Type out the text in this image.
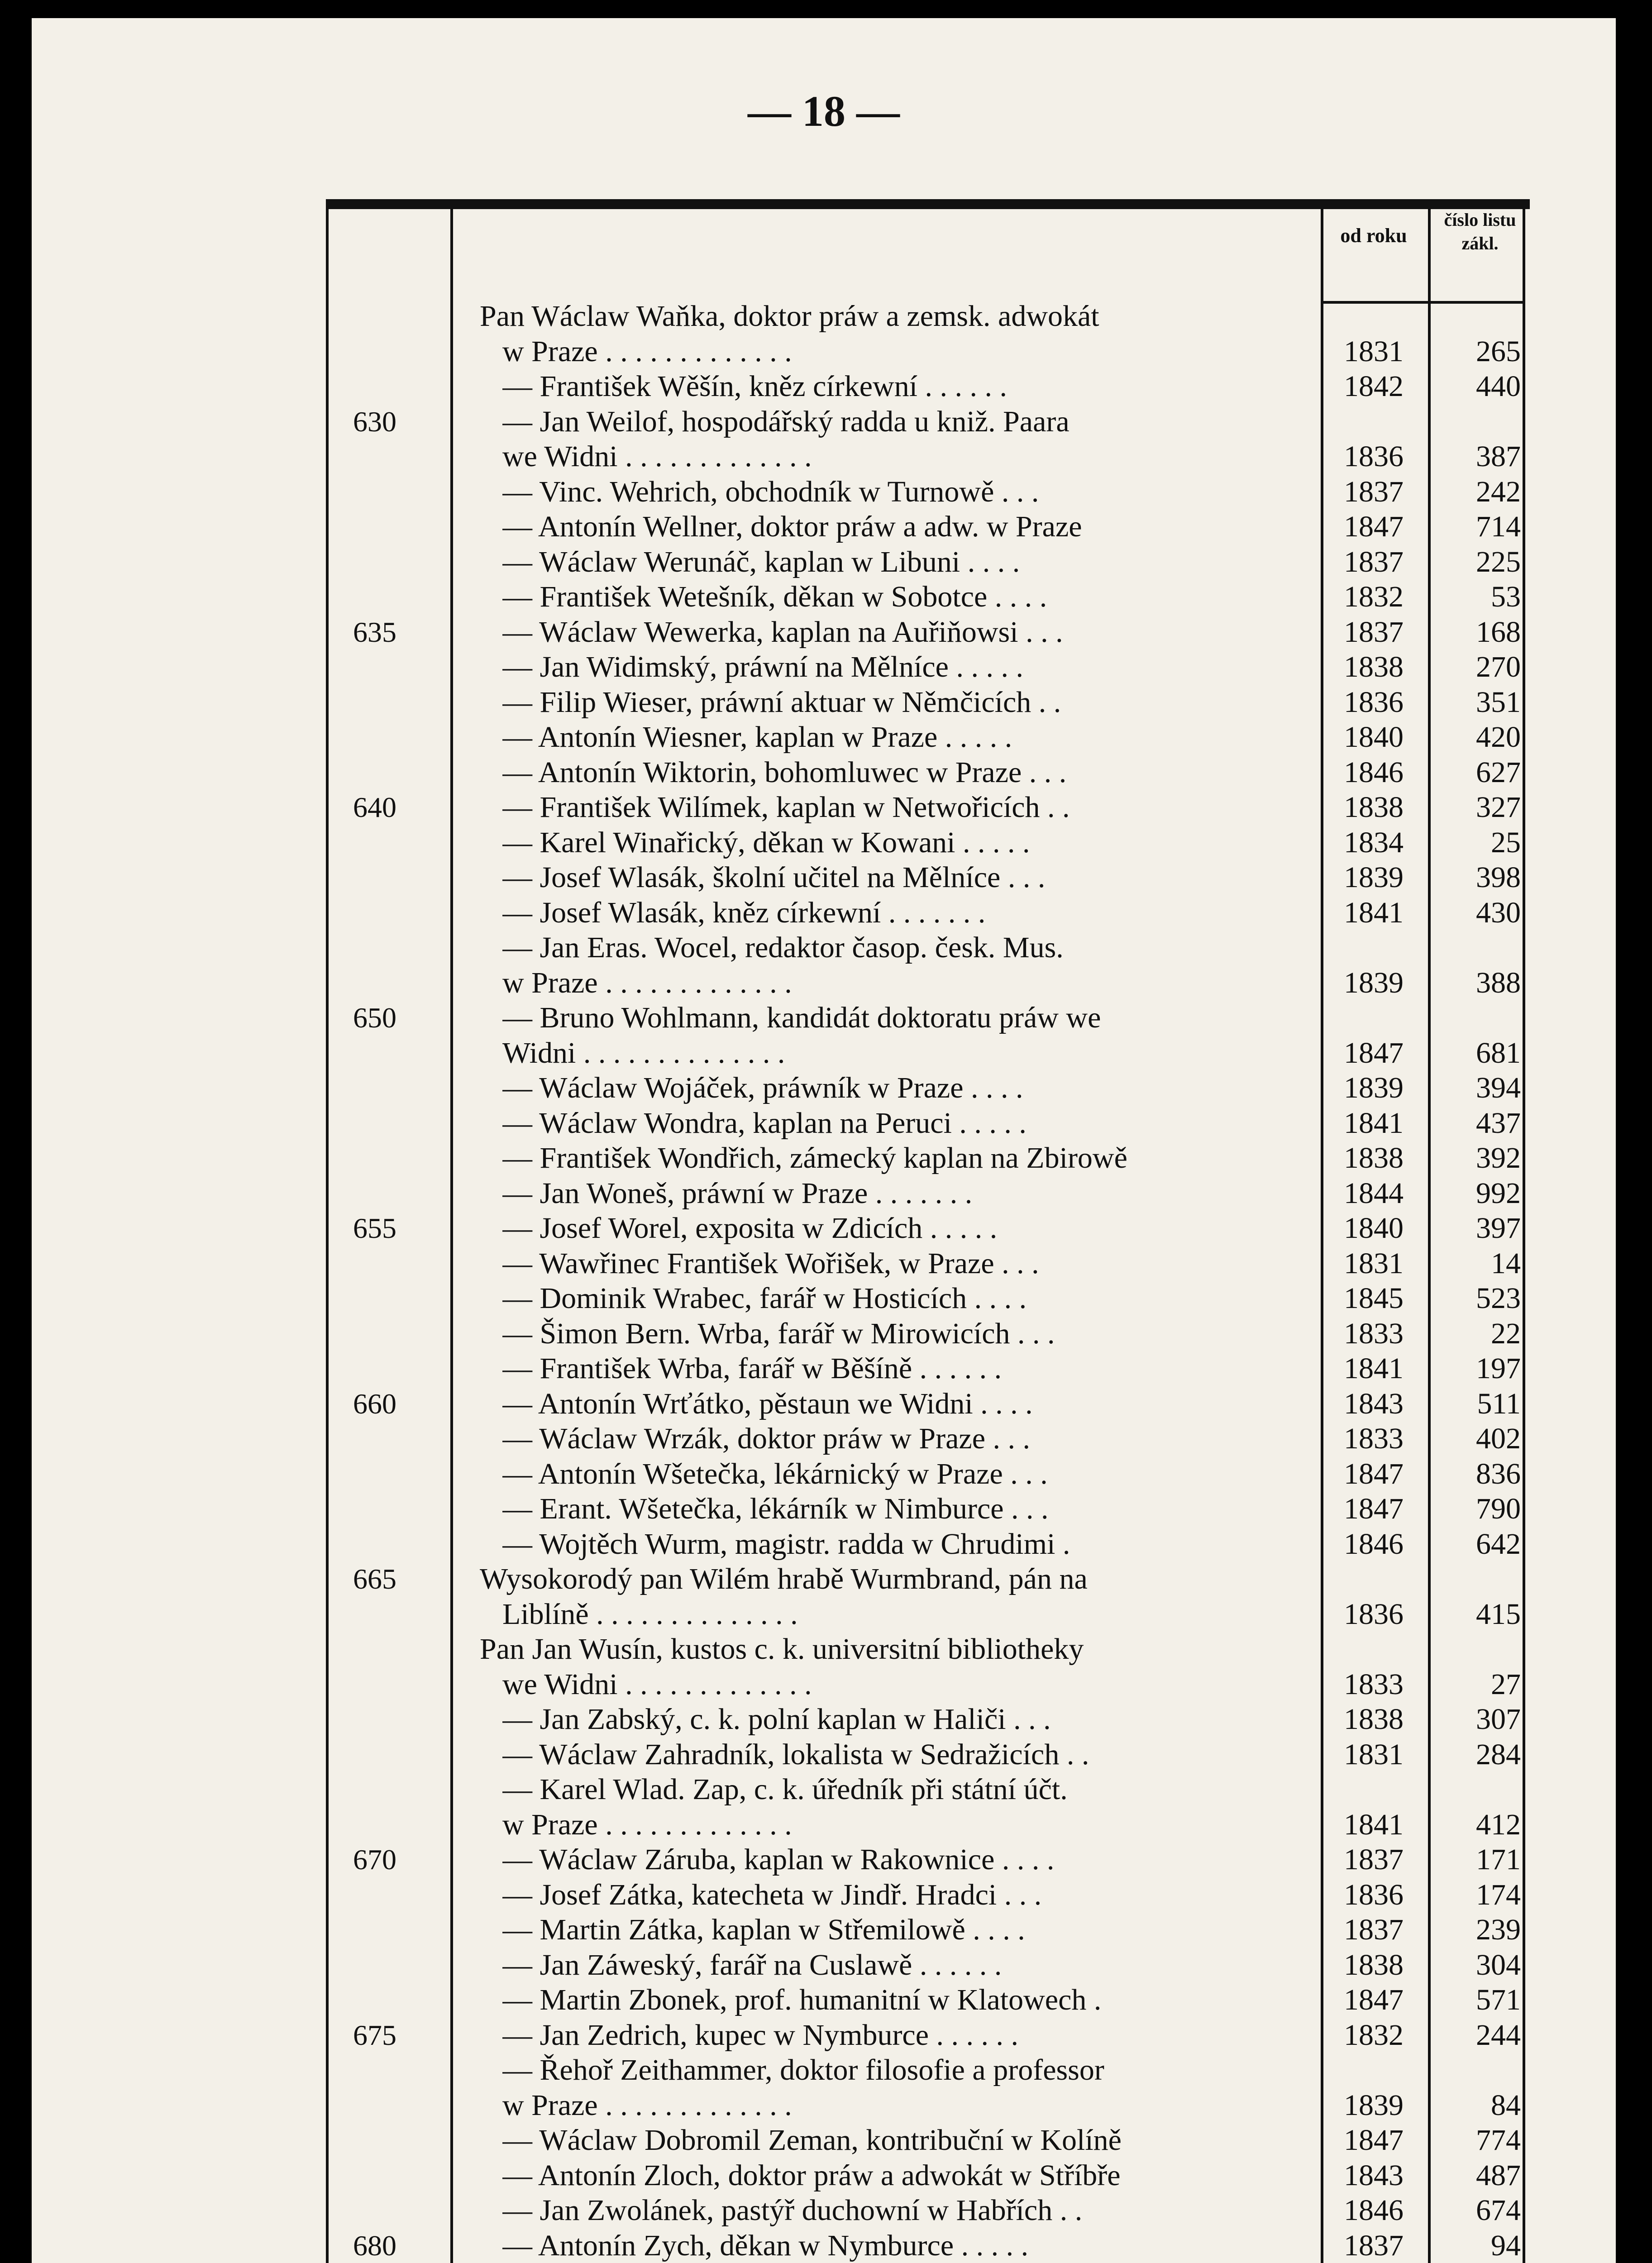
— 18 —
od roku
číslo listu zákl.
Pan Wáclaw Waňka, doktor práw a zemsk. adwokát
w Praze . . . . . . . . . . . . .	1831	265
— František Wěšín, kněz církewní . . . . . .	1842	440
630	— Jan Weilof, hospodářský radda u kniž. Paara
we Widni . . . . . . . . . . . . .	1836	387
— Vinc. Wehrich, obchodník w Turnowě . . .	1837	242
— Antonín Wellner, doktor práw a adw. w Praze	1847	714
— Wáclaw Werunáč, kaplan w Libuni . . . .	1837	225
— František Wetešník, děkan w Sobotce . . . .	1832	53
635	— Wáclaw Wewerka, kaplan na Auřiňowsi . . .	1837	168
— Jan Widimský, práwní na Mělníce . . . . .	1838	270
— Filip Wieser, práwní aktuar w Němčicích . .	1836	351
— Antonín Wiesner, kaplan w Praze . . . . .	1840	420
— Antonín Wiktorin, bohomluwec w Praze . . .	1846	627
640	— František Wilímek, kaplan w Netwořicích . .	1838	327
— Karel Winařický, děkan w Kowani . . . . .	1834	25
— Josef Wlasák, školní učitel na Mělníce . . .	1839	398
— Josef Wlasák, kněz církewní . . . . . . .	1841	430
— Jan Eras. Wocel, redaktor časop. česk. Mus.
w Praze . . . . . . . . . . . . .	1839	388
650	— Bruno Wohlmann, kandidát doktoratu práw we
Widni . . . . . . . . . . . . . .	1847	681
— Wáclaw Wojáček, práwník w Praze . . . .	1839	394
— Wáclaw Wondra, kaplan na Peruci . . . . .	1841	437
— František Wondřich, zámecký kaplan na Zbirowě	1838	392
— Jan Woneš, práwní w Praze . . . . . . .	1844	992
655	— Josef Worel, exposita w Zdicích . . . . .	1840	397
— Wawřinec František Wořišek, w Praze . . .	1831	14
— Dominik Wrabec, farář w Hosticích . . . .	1845	523
— Šimon Bern. Wrba, farář w Mirowicích . . .	1833	22
— František Wrba, farář w Běšíně . . . . . .	1841	197
660	— Antonín Wrťátko, pěstaun we Widni . . . .	1843	511
— Wáclaw Wrzák, doktor práw w Praze . . .	1833	402
— Antonín Wšetečka, lékárnický w Praze . . .	1847	836
— Erant. Wšetečka, lékárník w Nimburce . . .	1847	790
— Wojtěch Wurm, magistr. radda w Chrudimi .	1846	642
665	Wysokorodý pan Wilém hrabě Wurmbrand, pán na
Liblíně . . . . . . . . . . . . . .	1836	415
Pan Jan Wusín, kustos c. k. universitní bibliotheky
we Widni . . . . . . . . . . . . .	1833	27
— Jan Zabský, c. k. polní kaplan w Haliči . . .	1838	307
— Wáclaw Zahradník, lokalista w Sedražicích . .	1831	284
— Karel Wlad. Zap, c. k. úředník při státní účt.
w Praze . . . . . . . . . . . . .	1841	412
670	— Wáclaw Záruba, kaplan w Rakownice . . . .	1837	171
— Josef Zátka, katecheta w Jindř. Hradci . . .	1836	174
— Martin Zátka, kaplan w Střemilowě . . . .	1837	239
— Jan Záweský, farář na Cuslawě . . . . . .	1838	304
— Martin Zbonek, prof. humanitní w Klatowech .	1847	571
675	— Jan Zedrich, kupec w Nymburce . . . . . .	1832	244
— Řehoř Zeithammer, doktor filosofie a professor
w Praze . . . . . . . . . . . . .	1839	84
— Wáclaw Dobromil Zeman, kontribuční w Kolíně	1847	774
— Antonín Zloch, doktor práw a adwokát w Stříbře	1843	487
— Jan Zwolánek, pastýř duchowní w Habřích . .	1846	674
680	— Antonín Zych, děkan w Nymburce . . . . .	1837	94
